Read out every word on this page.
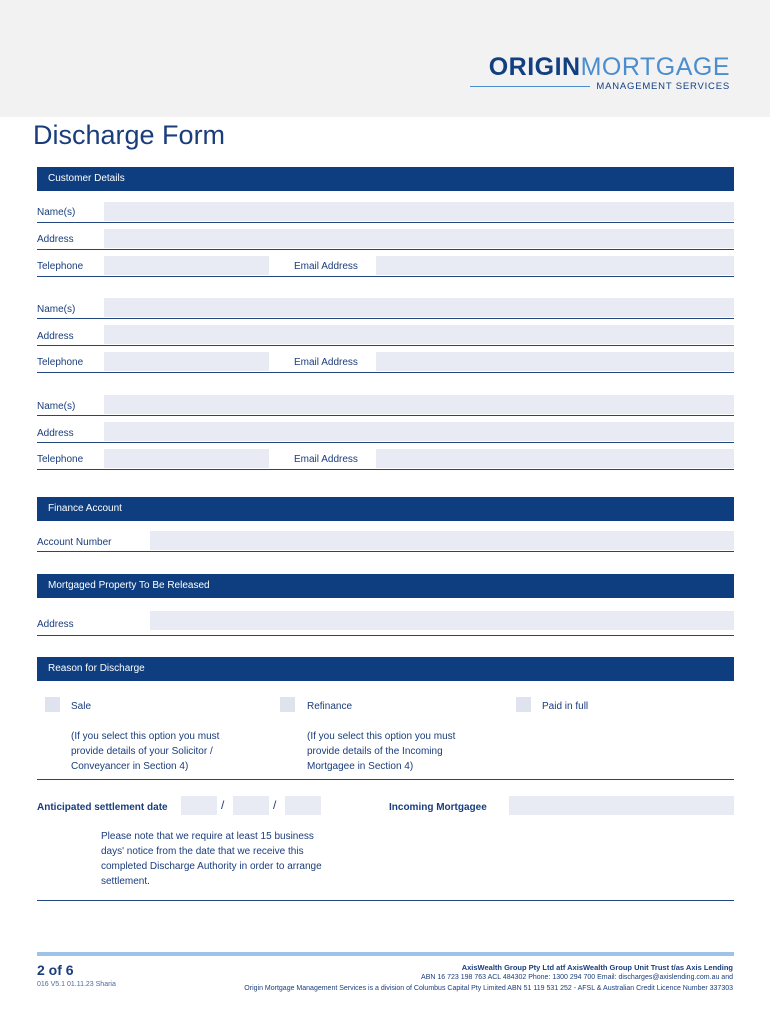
ORIGINMORTGAGE
MANAGEMENT SERVICES
Discharge Form
Customer Details
Name(s)
Address
Telephone	Email Address
Name(s)
Address
Telephone	Email Address
Name(s)
Address
Telephone	Email Address
Finance Account
Account Number
Mortgaged Property To Be Released
Address
Reason for Discharge
Sale
(If you select this option you must provide details of your Solicitor / Conveyancer in Section 4)
Refinance
(If you select this option you must provide details of the Incoming Mortgagee in Section 4)
Paid in full
Anticipated settlement date	/	/	Incoming Mortgagee
Please note that we require at least 15 business days' notice from the date that we receive this completed Discharge Authority in order to arrange settlement.
2 of 6
016 V5.1 01.11.23 Sharia
AxisWealth Group Pty Ltd atf AxisWealth Group Unit Trust t/as Axis Lending
ABN 16 723 198 763 ACL 484302 Phone: 1300 294 700 Email: discharges@axislending.com.au and
Origin Mortgage Management Services is a division of Columbus Capital Pty Limited ABN 51 119 531 252 - AFSL & Australian Credit Licence Number 337303
